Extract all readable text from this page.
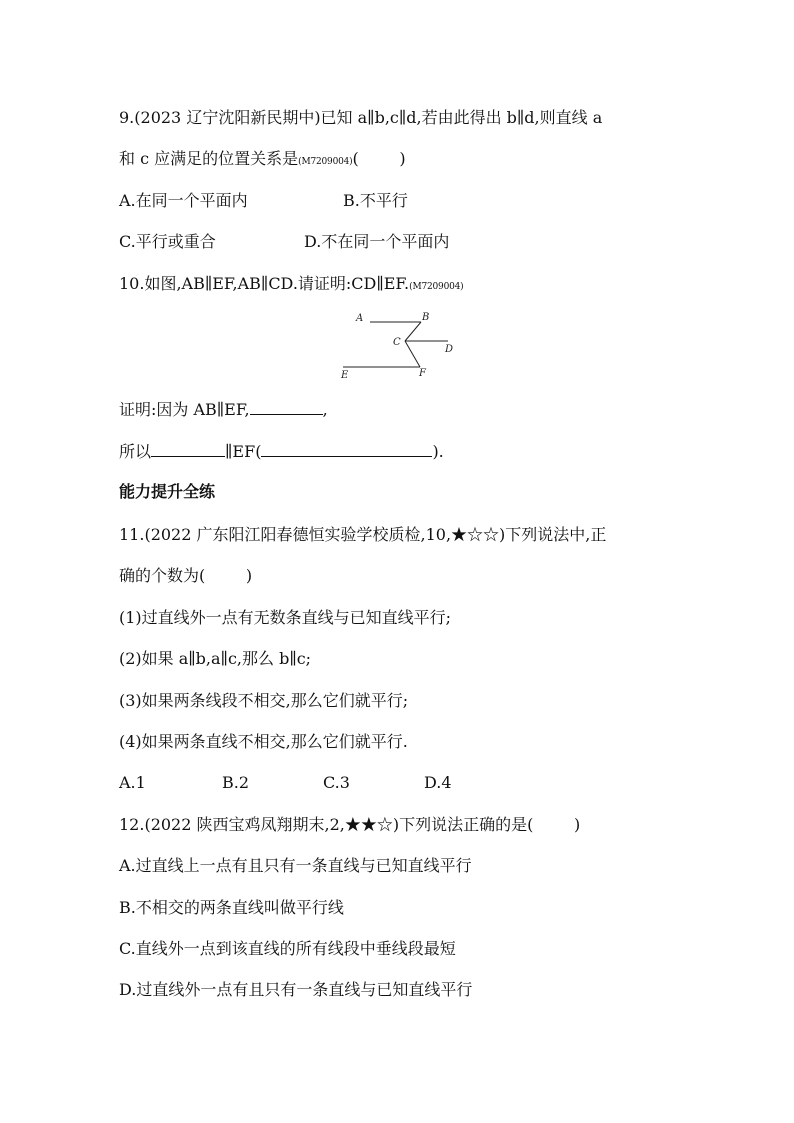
9.(2023 辽宁沈阳新民期中)已知 a∥b,c∥d,若由此得出 b∥d,则直线 a
和 c 应满足的位置关系是(M7209004)(        )
A.在同一个平面内	B.不平行
C.平行或重合	D.不在同一个平面内
10.如图,AB∥EF,AB∥CD.请证明:CD∥EF.(M7209004)
A	B
C
D
E	F
证明:因为 AB∥EF,	,
所以	∥EF(	).
能力提升全练
11.(2022 广东阳江阳春德恒实验学校质检,10,★☆☆)下列说法中,正
确的个数为(        )
(1)过直线外一点有无数条直线与已知直线平行;
(2)如果 a∥b,a∥c,那么 b∥c;
(3)如果两条线段不相交,那么它们就平行;
(4)如果两条直线不相交,那么它们就平行.
A.1	B.2	C.3	D.4
12.(2022 陕西宝鸡凤翔期末,2,★★☆)下列说法正确的是(        )
A.过直线上一点有且只有一条直线与已知直线平行
B.不相交的两条直线叫做平行线
C.直线外一点到该直线的所有线段中垂线段最短
D.过直线外一点有且只有一条直线与已知直线平行
